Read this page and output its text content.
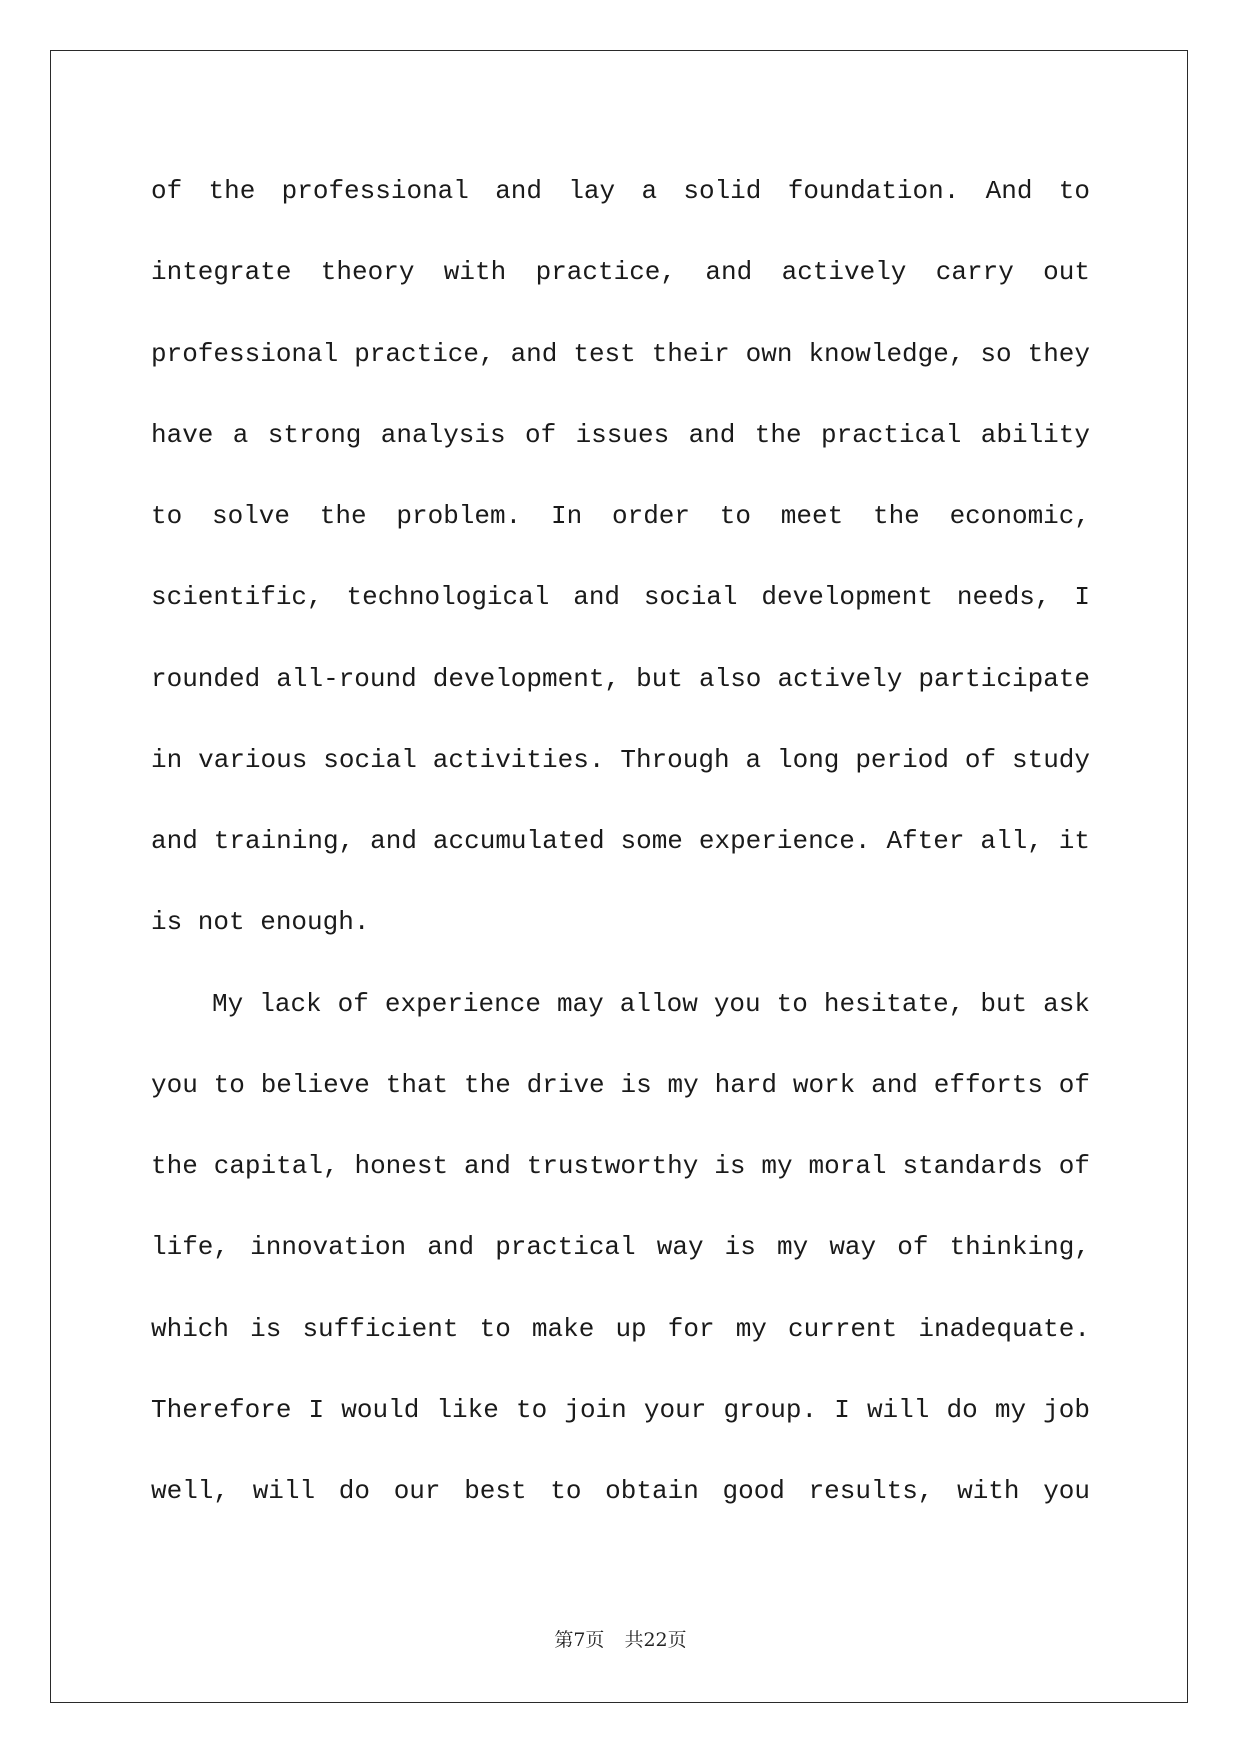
of the professional and lay a solid foundation. And to
integrate theory with practice, and actively carry out
professional practice, and test their own knowledge, so they
have a strong analysis of issues and the practical ability
to solve the problem. In order to meet the economic,
scientific, technological and social development needs, I
rounded all-round development, but also actively participate
in various social activities. Through a long period of study
and training, and accumulated some experience. After all, it
is not enough.
My lack of experience may allow you to hesitate, but ask
you to believe that the drive is my hard work and efforts of
the capital, honest and trustworthy is my moral standards of
life, innovation and practical way is my way of thinking,
which is sufficient to make up for my current inadequate.
Therefore I would like to join your group. I will do my job
well, will do our best to obtain good results, with you
第7页 共22页
